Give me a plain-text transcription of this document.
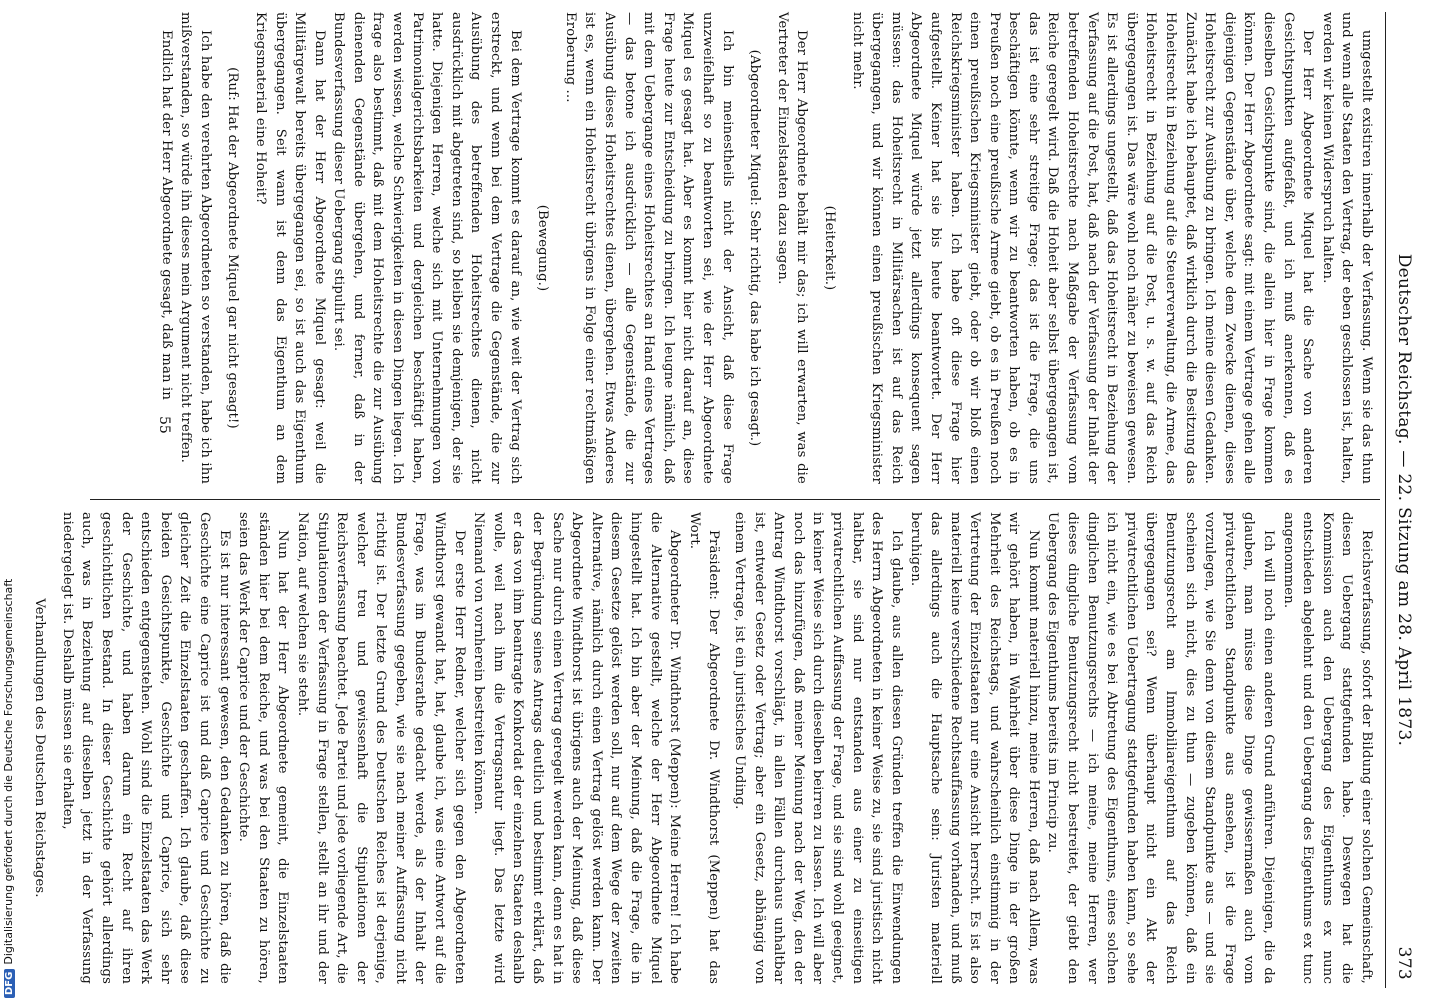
Deutscher Reichstag. — 22. Sitzung am 28. April 1873.
373

umgestellt existiren innerhalb der Verfassung. Wenn sie das thun und wenn alle Staaten den Vertrag, der eben geschlossen ist, halten, werden wir keinen Widerspruch halten.

Der Herr Abgeordnete Miquel hat die Sache von anderen Gesichtspunkten aufgefaßt, und ich muß anerkennen, daß es dieselben Gesichtspunkte sind, die allein hier in Frage kommen können. Der Herr Abgeordnete sagt: mit einem Vertrage gehen alle diejenigen Gegenstände über, welche dem Zwecke dienen, dieses Hoheitsrecht zur Ausübung zu bringen. Ich meine diesen Gedanken. Zunächst habe ich behauptet, daß wirklich durch die Besitzung das Hoheitsrecht in Beziehung auf die Steuerverwaltung, die Armee, das Hoheitsrecht in Beziehung auf die Post, u. s. w. auf das Reich übergegangen ist. Das wäre wohl noch näher zu beweisen gewesen. Es ist allerdings ungestellt, daß das Hoheitsrecht in Beziehung der Verfassung auf die Post, hat, daß nach der Verfassung der Inhalt der betreffenden Hoheitsrechte nach Maßgabe der Verfassung vom Reiche geregelt wird. Daß die Hoheit aber selbst übergegangen ist, das ist eine sehr streitige Frage; das ist die Frage, die uns beschäftigen könnte, wenn wir zu beantworten haben, ob es in Preußen noch eine preußische Armee giebt, ob es in Preußen noch einen preußischen Kriegsminister giebt, oder ob wir bloß einen Reichskriegsminister haben. Ich habe oft diese Frage hier aufgestellt. Keiner hat sie bis heute beantwortet. Der Herr Abgeordnete Miquel würde jetzt allerdings konsequent sagen müssen: das Hoheitsrecht in Militärsachen ist auf das Reich übergegangen, und wir können einen preußischen Kriegsminister nicht mehr.

(Heiterkeit.)

Der Herr Abgeordnete behält mir das; ich will erwarten, was die Vertreter der Einzelstaaten dazu sagen.

(Abgeordneter Miquel: Sehr richtig, das habe ich gesagt.)

Ich bin meinestheils nicht der Ansicht, daß diese Frage unzweifelhaft so zu beantworten sei, wie der Herr Abgeordnete Miquel es gesagt hat. Aber es kommt hier nicht darauf an, diese Frage heute zur Entscheidung zu bringen. Ich leugne nämlich, daß mit dem Uebergange eines Hoheitsrechtes an Hand eines Vertrages — das betone ich ausdrücklich — alle Gegenstände, die zur Ausübung dieses Hoheitsrechtes dienen, übergehen. Etwas Anderes ist es, wenn ein Hoheitsrecht übrigens in Folge einer rechtmäßigen Eroberung ...

(Bewegung.)

Bei dem Vertrage kommt es darauf an, wie weit der Vertrag sich erstreckt, und wenn bei dem Vertrage die Gegenstände, die zur Ausübung des betreffenden Hoheitsrechtes dienen, nicht ausdrücklich mit abgetreten sind, so bleiben sie demjenigen, der sie hatte. Diejenigen Herren, welche sich mit Unternehmungen von Patrimonialgerichtsbarkeiten und dergleichen beschäftigt haben, werden wissen, welche Schwierigkeiten in diesen Dingen liegen. Ich frage also bestimmt, daß mit dem Hoheitsrechte die zur Ausübung dienenden Gegenstände übergehen, und ferner, daß in der Bundesverfassung dieser Uebergang stipulirt sei.

Dann hat der Herr Abgeordnete Miquel gesagt: weil die Militärgewalt bereits übergegangen sei, so ist auch das Eigenthum übergegangen. Seit wann ist denn das Eigenthum an dem Kriegsmaterial eine Hoheit?

(Ruf: Hat der Abgeordnete Miquel gar nicht gesagt!)

Ich habe den verehrten Abgeordneten so verstanden, habe ich ihn mißverstanden, so würde ihn dieses mein Argument nicht treffen.

Endlich hat der Herr Abgeordnete gesagt, daß man in

Reichsverfassung, sofort der Bildung einer solchen Gemeinschaft, diesen Uebergang stattgefunden habe. Deswegen hat die Kommission auch den Uebergang des Eigenthums ex nunc entschieden abgelehnt und den Uebergang des Eigenthums ex tunc angenommen.

Ich will noch einen anderen Grund anführen. Diejenigen, die da glauben, man müsse diese Dinge gewissermaßen auch vom privatrechtlichen Standpunkte aus ansehen, ist die Frage vorzulegen, wie Sie denn von diesem Standpunkte aus — und sie scheinen sich nicht, dies zu thun — zugeben können, daß ein Benutzungsrecht am Immobiliareigenthum auf das Reich übergegangen sei? Wenn überhaupt nicht ein Akt der privatrechtlichen Uebertragung stattgefunden haben kann, so sehe ich nicht ein, wie es bei Abtretung des Eigenthums, eines solchen dinglichen Benutzungsrechts — ich meine, meine Herren, wer dieses dingliche Benutzungsrecht nicht bestreitet, der giebt den Uebergang des Eigenthums bereits im Princip zu.

Nun kommt materiell hinzu, meine Herren, daß nach Allem, was wir gehört haben, in Wahrheit über diese Dinge in der großen Mehrheit des Reichstags, und wahrscheinlich einstimmig in der Vertretung der Einzelstaaten nur eine Ansicht herrscht. Es ist also materiell keine verschiedene Rechtsauffassung vorhanden, und muß das allerdings auch die Hauptsache sein: Juristen materiell beruhigen.

Ich glaube, aus allen diesen Gründen treffen die Einwendungen des Herrn Abgeordneten in keiner Weise zu, sie sind juristisch nicht haltbar, sie sind nur entstanden aus einer zu einseitigen privatrechtlichen Auffassung der Frage, und sie sind wohl geeignet, in keiner Weise sich durch dieselben beirren zu lassen. Ich will aber noch das hinzufügen, daß meiner Meinung nach der Weg, den der Antrag Windthorst vorschlägt, in allen Fällen durchaus unhaltbar ist, entweder Gesetz oder Vertrag; aber ein Gesetz, abhängig von einem Vertrage, ist ein juristisches Unding.

Präsident: Der Abgeordnete Dr. Windthorst (Meppen) hat das Wort.

Abgeordneter Dr. Windthorst (Meppen): Meine Herren! Ich habe die Alternative gestellt, welche der Herr Abgeordnete Miquel hingestellt hat. Ich bin aber der Meinung, daß die Frage, die in diesem Gesetze gelöst werden soll, nur auf dem Wege der zweiten Alternative, nämlich durch einen Vertrag gelöst werden kann. Der Abgeordnete Windthorst ist übrigens auch der Meinung, daß diese Sache nur durch einen Vertrag geregelt werden kann, denn es hat in der Begründung seines Antrags deutlich und bestimmt erklärt, daß er das von ihm beantragte Konkordat der einzelnen Staaten deshalb wolle, weil nach ihm die Vertragsnatur liegt. Das letzte wird Niemand von vornherein bestreiten können.

Der erste Herr Redner, welcher sich gegen den Abgeordneten Windthorst gewandt hat, hat, glaube ich, was eine Antwort auf die Frage, was im Bundesrathe gedacht werde, als der Inhalt der Bundesverfassung gegeben, wie sie nach meiner Auffassung nicht richtig ist. Der letzte Grund des Deutschen Reiches ist derjenige, welcher treu und gewissenhaft die Stipulationen der Reichsverfassung beachtet. Jede Partei und jede vorliegende Art, die Stipulationen der Verfassung in Frage stellen, stellt an ihr und der Nation, auf welchen sie steht.

Nun hat der Herr Abgeordnete gemeint, die Einzelstaaten ständen hier bei dem Reiche, und was bei den Staaten zu hören, seien das Werk der Caprice und der Geschichte.

Es ist nur interessant gewesen, den Gedanken zu hören, daß die Geschichte eine Caprice ist und daß Caprice und Geschichte zu gleicher Zeit die Einzelstaaten geschaffen. Ich glaube, daß diese beiden Gesichtspunkte, Geschichte und Caprice, sich sehr entschieden entgegenstehen. Wohl sind die Einzelstaaten das Werk der Geschichte, und haben darum ein Recht auf ihren geschichtlichen Bestand. In dieser Geschichte gehört allerdings auch, was in Beziehung auf dieselben jetzt in der Verfassung niedergelegt ist. Deshalb müssen sie erhalten,

Verhandlungen des Deutschen Reichstages.

55
DFGDigitalisierung gefördert durch die Deutsche Forschungsgemeinschaft
